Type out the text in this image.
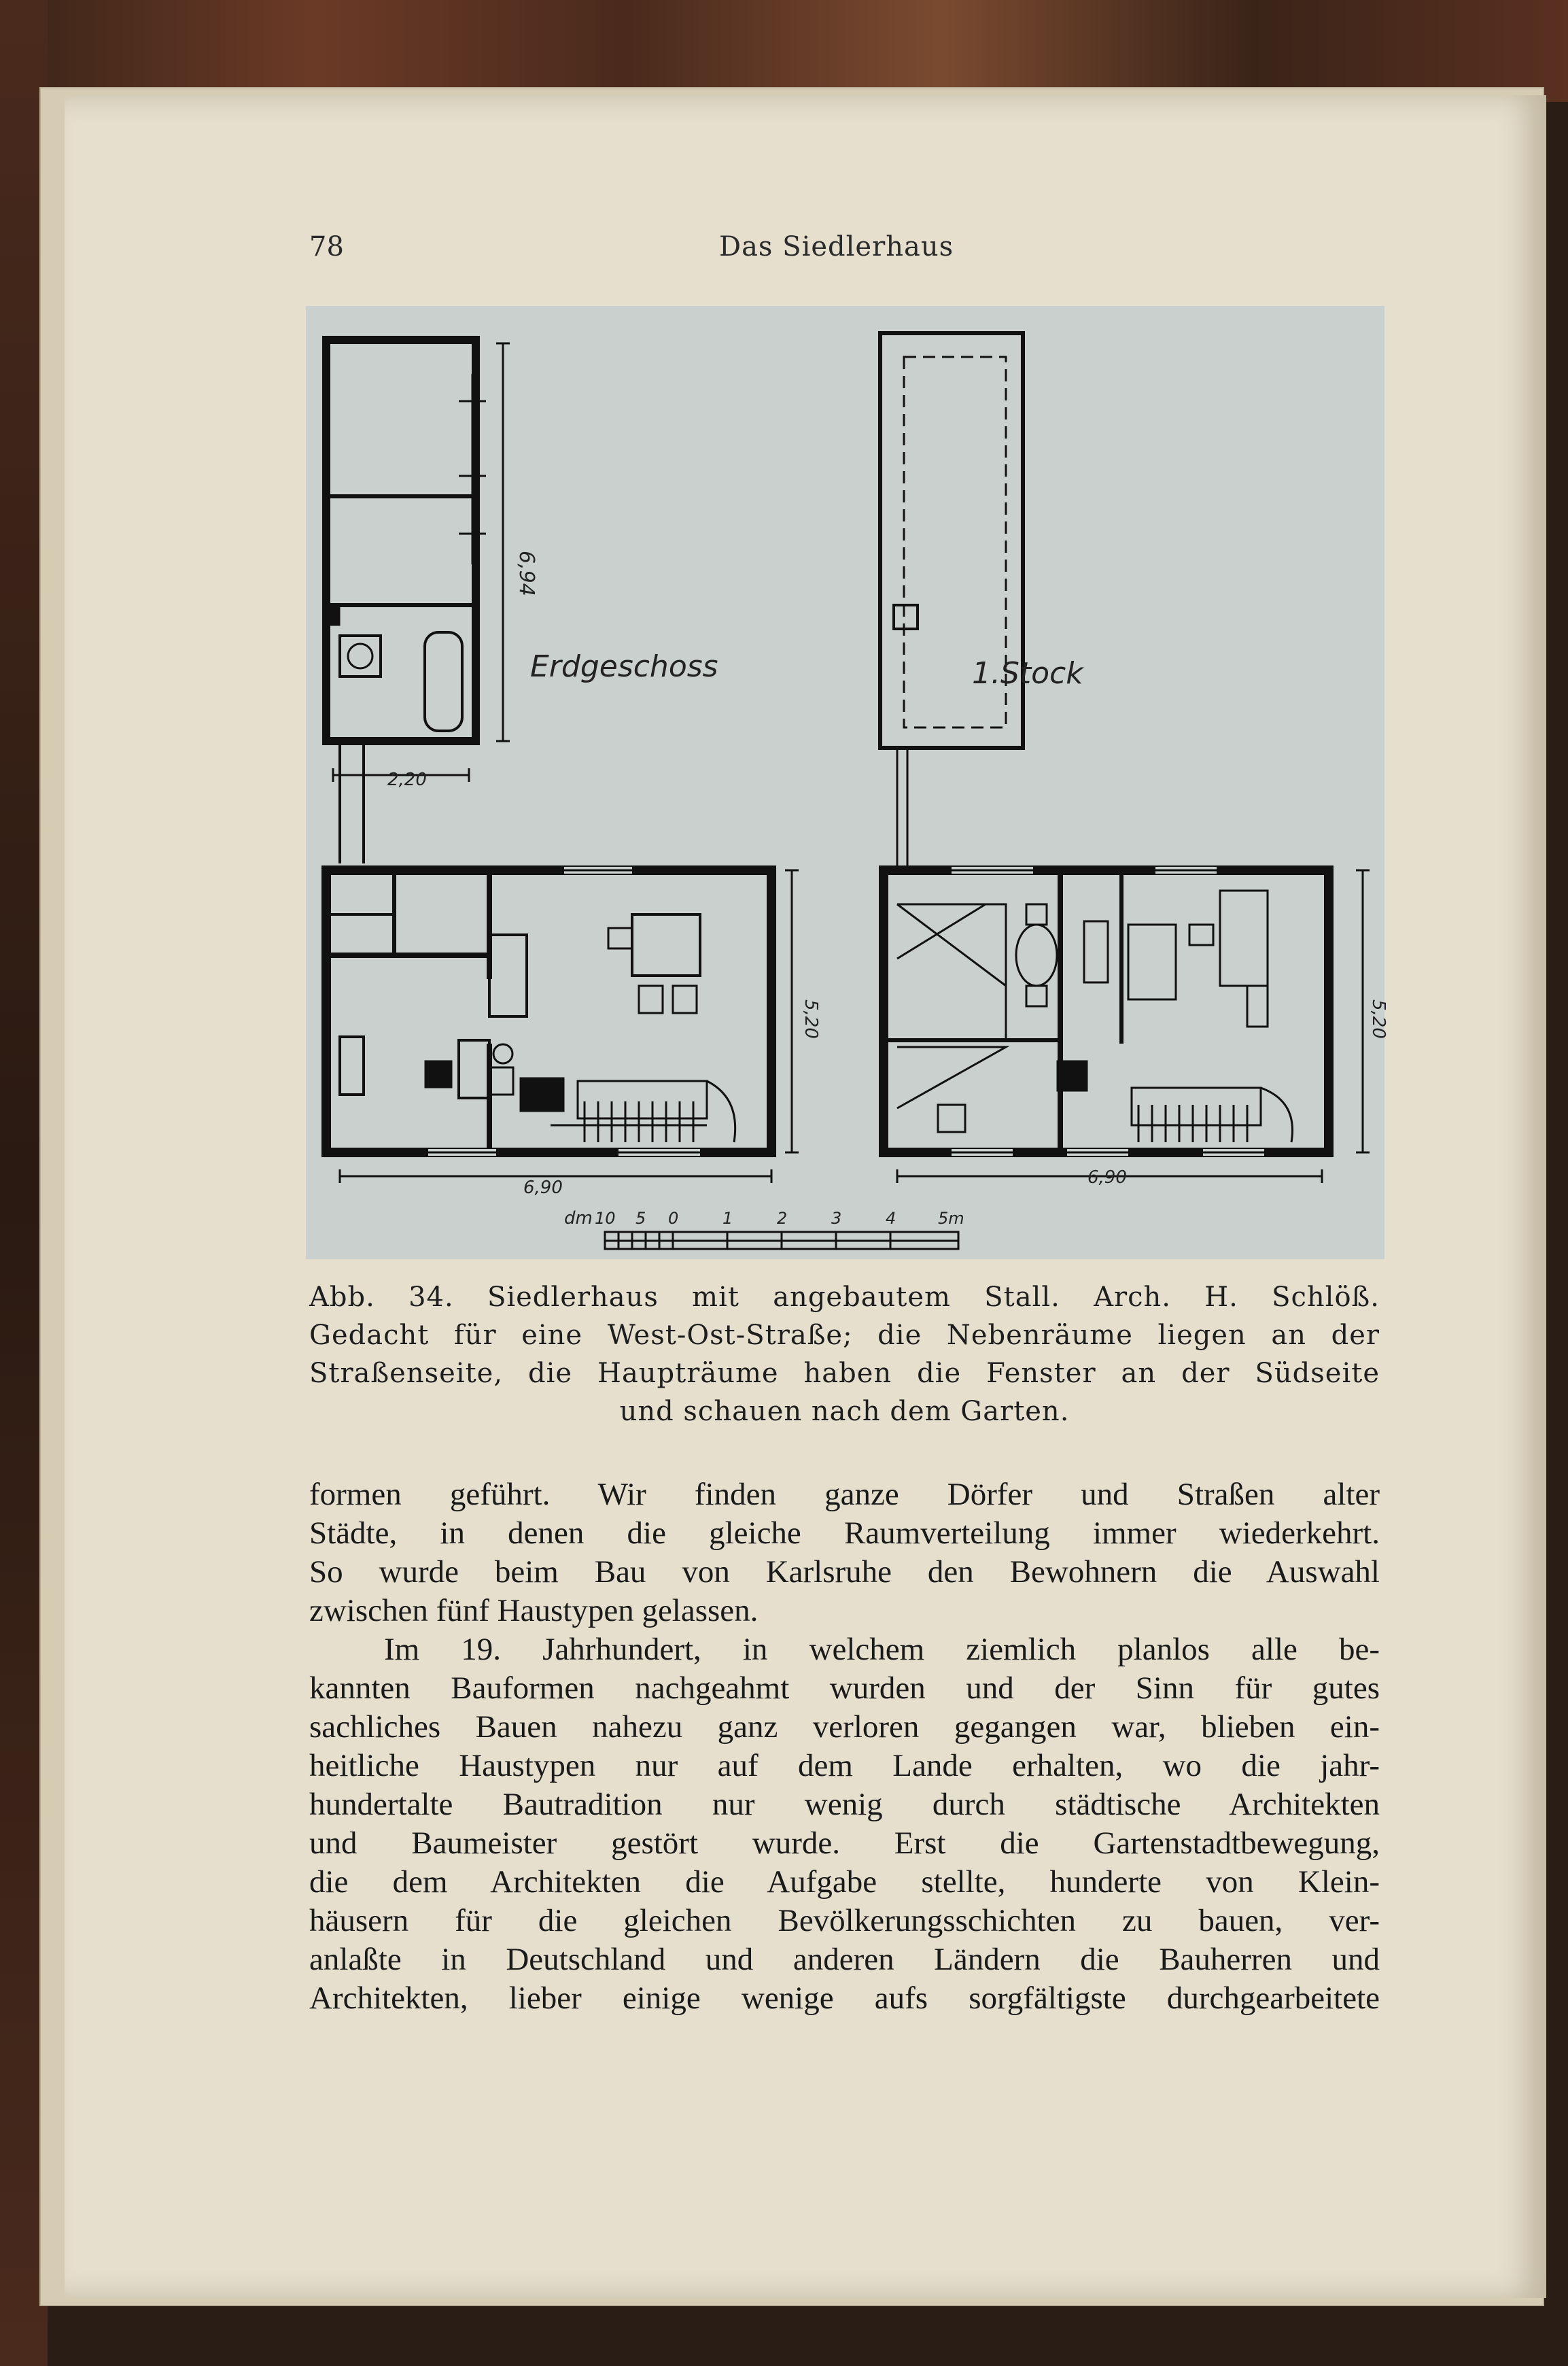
78	Das Siedlerhaus
6,94
2,20
Erdgeschoss
5,20
6,90
1.Stock
5,20
6,90
dm 10 5 0	1	2	3	4	5m
Abb. 34. Siedlerhaus mit angebautem Stall. Arch. H. Schlöß.
Gedacht für eine West-Ost-Straße; die Nebenräume liegen an der
Straßenseite, die Haupträume haben die Fenster an der Südseite
und schauen nach dem Garten.
formen geführt. Wir finden ganze Dörfer und Straßen alter
Städte, in denen die gleiche Raumverteilung immer wiederkehrt.
So wurde beim Bau von Karlsruhe den Bewohnern die Auswahl
zwischen fünf Haustypen gelassen.
Im 19. Jahrhundert, in welchem ziemlich planlos alle be-
kannten Bauformen nachgeahmt wurden und der Sinn für gutes
sachliches Bauen nahezu ganz verloren gegangen war, blieben ein-
heitliche Haustypen nur auf dem Lande erhalten, wo die jahr-
hundertalte Bautradition nur wenig durch städtische Architekten
und Baumeister gestört wurde. Erst die Gartenstadtbewegung,
die dem Architekten die Aufgabe stellte, hunderte von Klein-
häusern für die gleichen Bevölkerungsschichten zu bauen, ver-
anlaßte in Deutschland und anderen Ländern die Bauherren und
Architekten, lieber einige wenige aufs sorgfältigste durchgearbeitete
